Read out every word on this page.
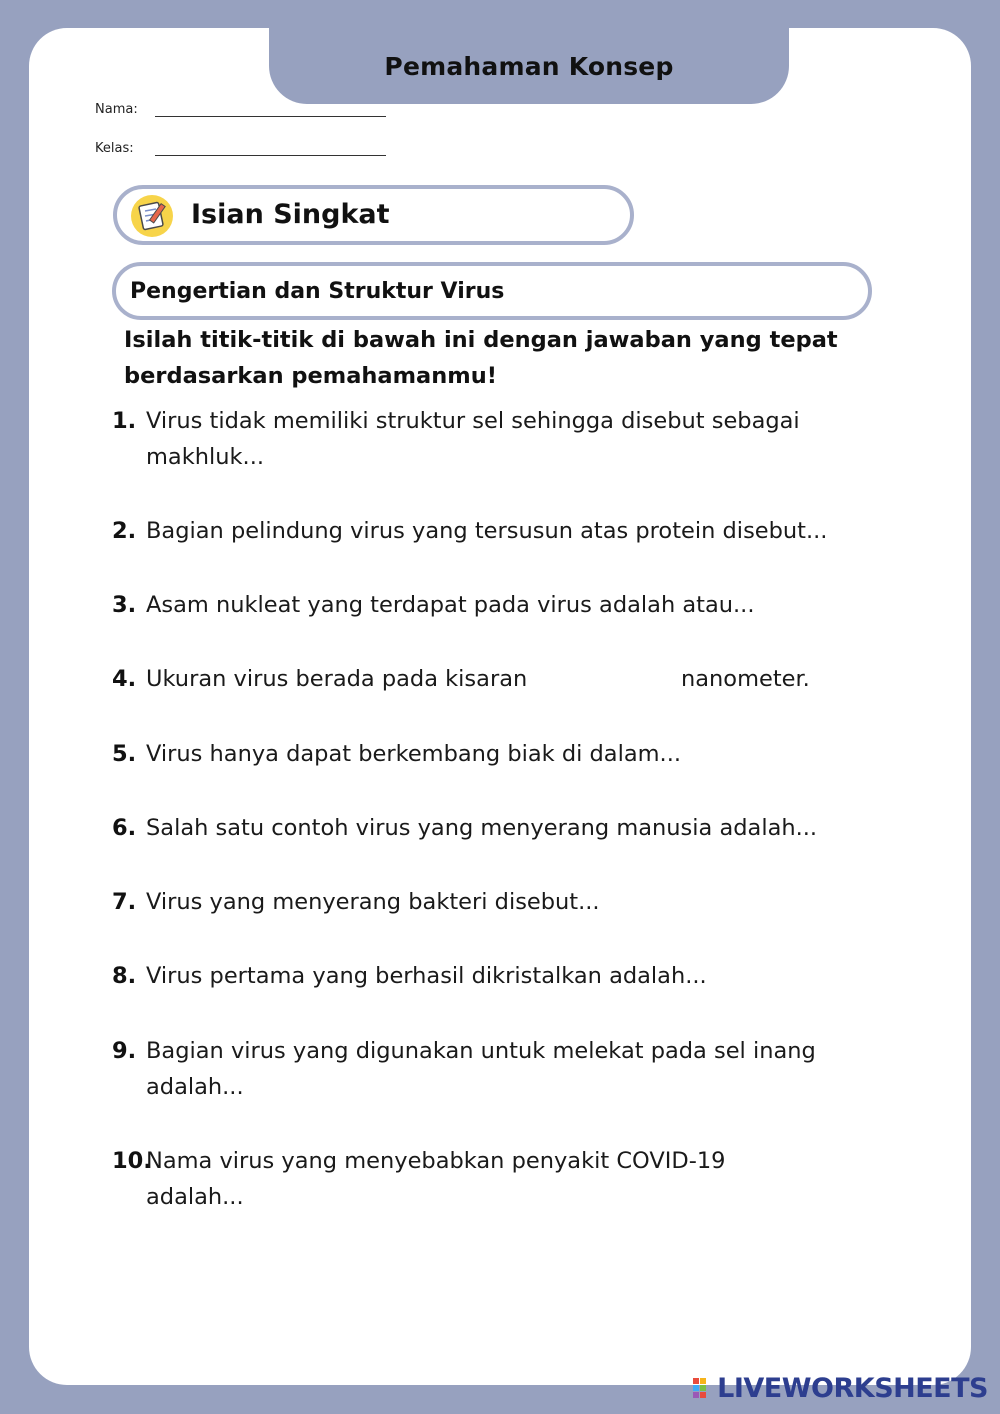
Pemahaman Konsep
Nama:
Kelas:
Isian Singkat
Pengertian dan Struktur Virus
Isilah titik-titik di bawah ini dengan jawaban yang tepat berdasarkan pemahamanmu!
1. Virus tidak memiliki struktur sel sehingga disebut sebagai makhluk...
2. Bagian pelindung virus yang tersusun atas protein disebut...
3. Asam nukleat yang terdapat pada virus adalah atau...
4. Ukuran virus berada pada kisaran	nanometer.
5. Virus hanya dapat berkembang biak di dalam...
6. Salah satu contoh virus yang menyerang manusia adalah...
7. Virus yang menyerang bakteri disebut...
8. Virus pertama yang berhasil dikristalkan adalah...
9. Bagian virus yang digunakan untuk melekat pada sel inang adalah...
10.
Nama virus yang menyebabkan penyakit COVID-19 adalah...
LIVEWORKSHEETS
